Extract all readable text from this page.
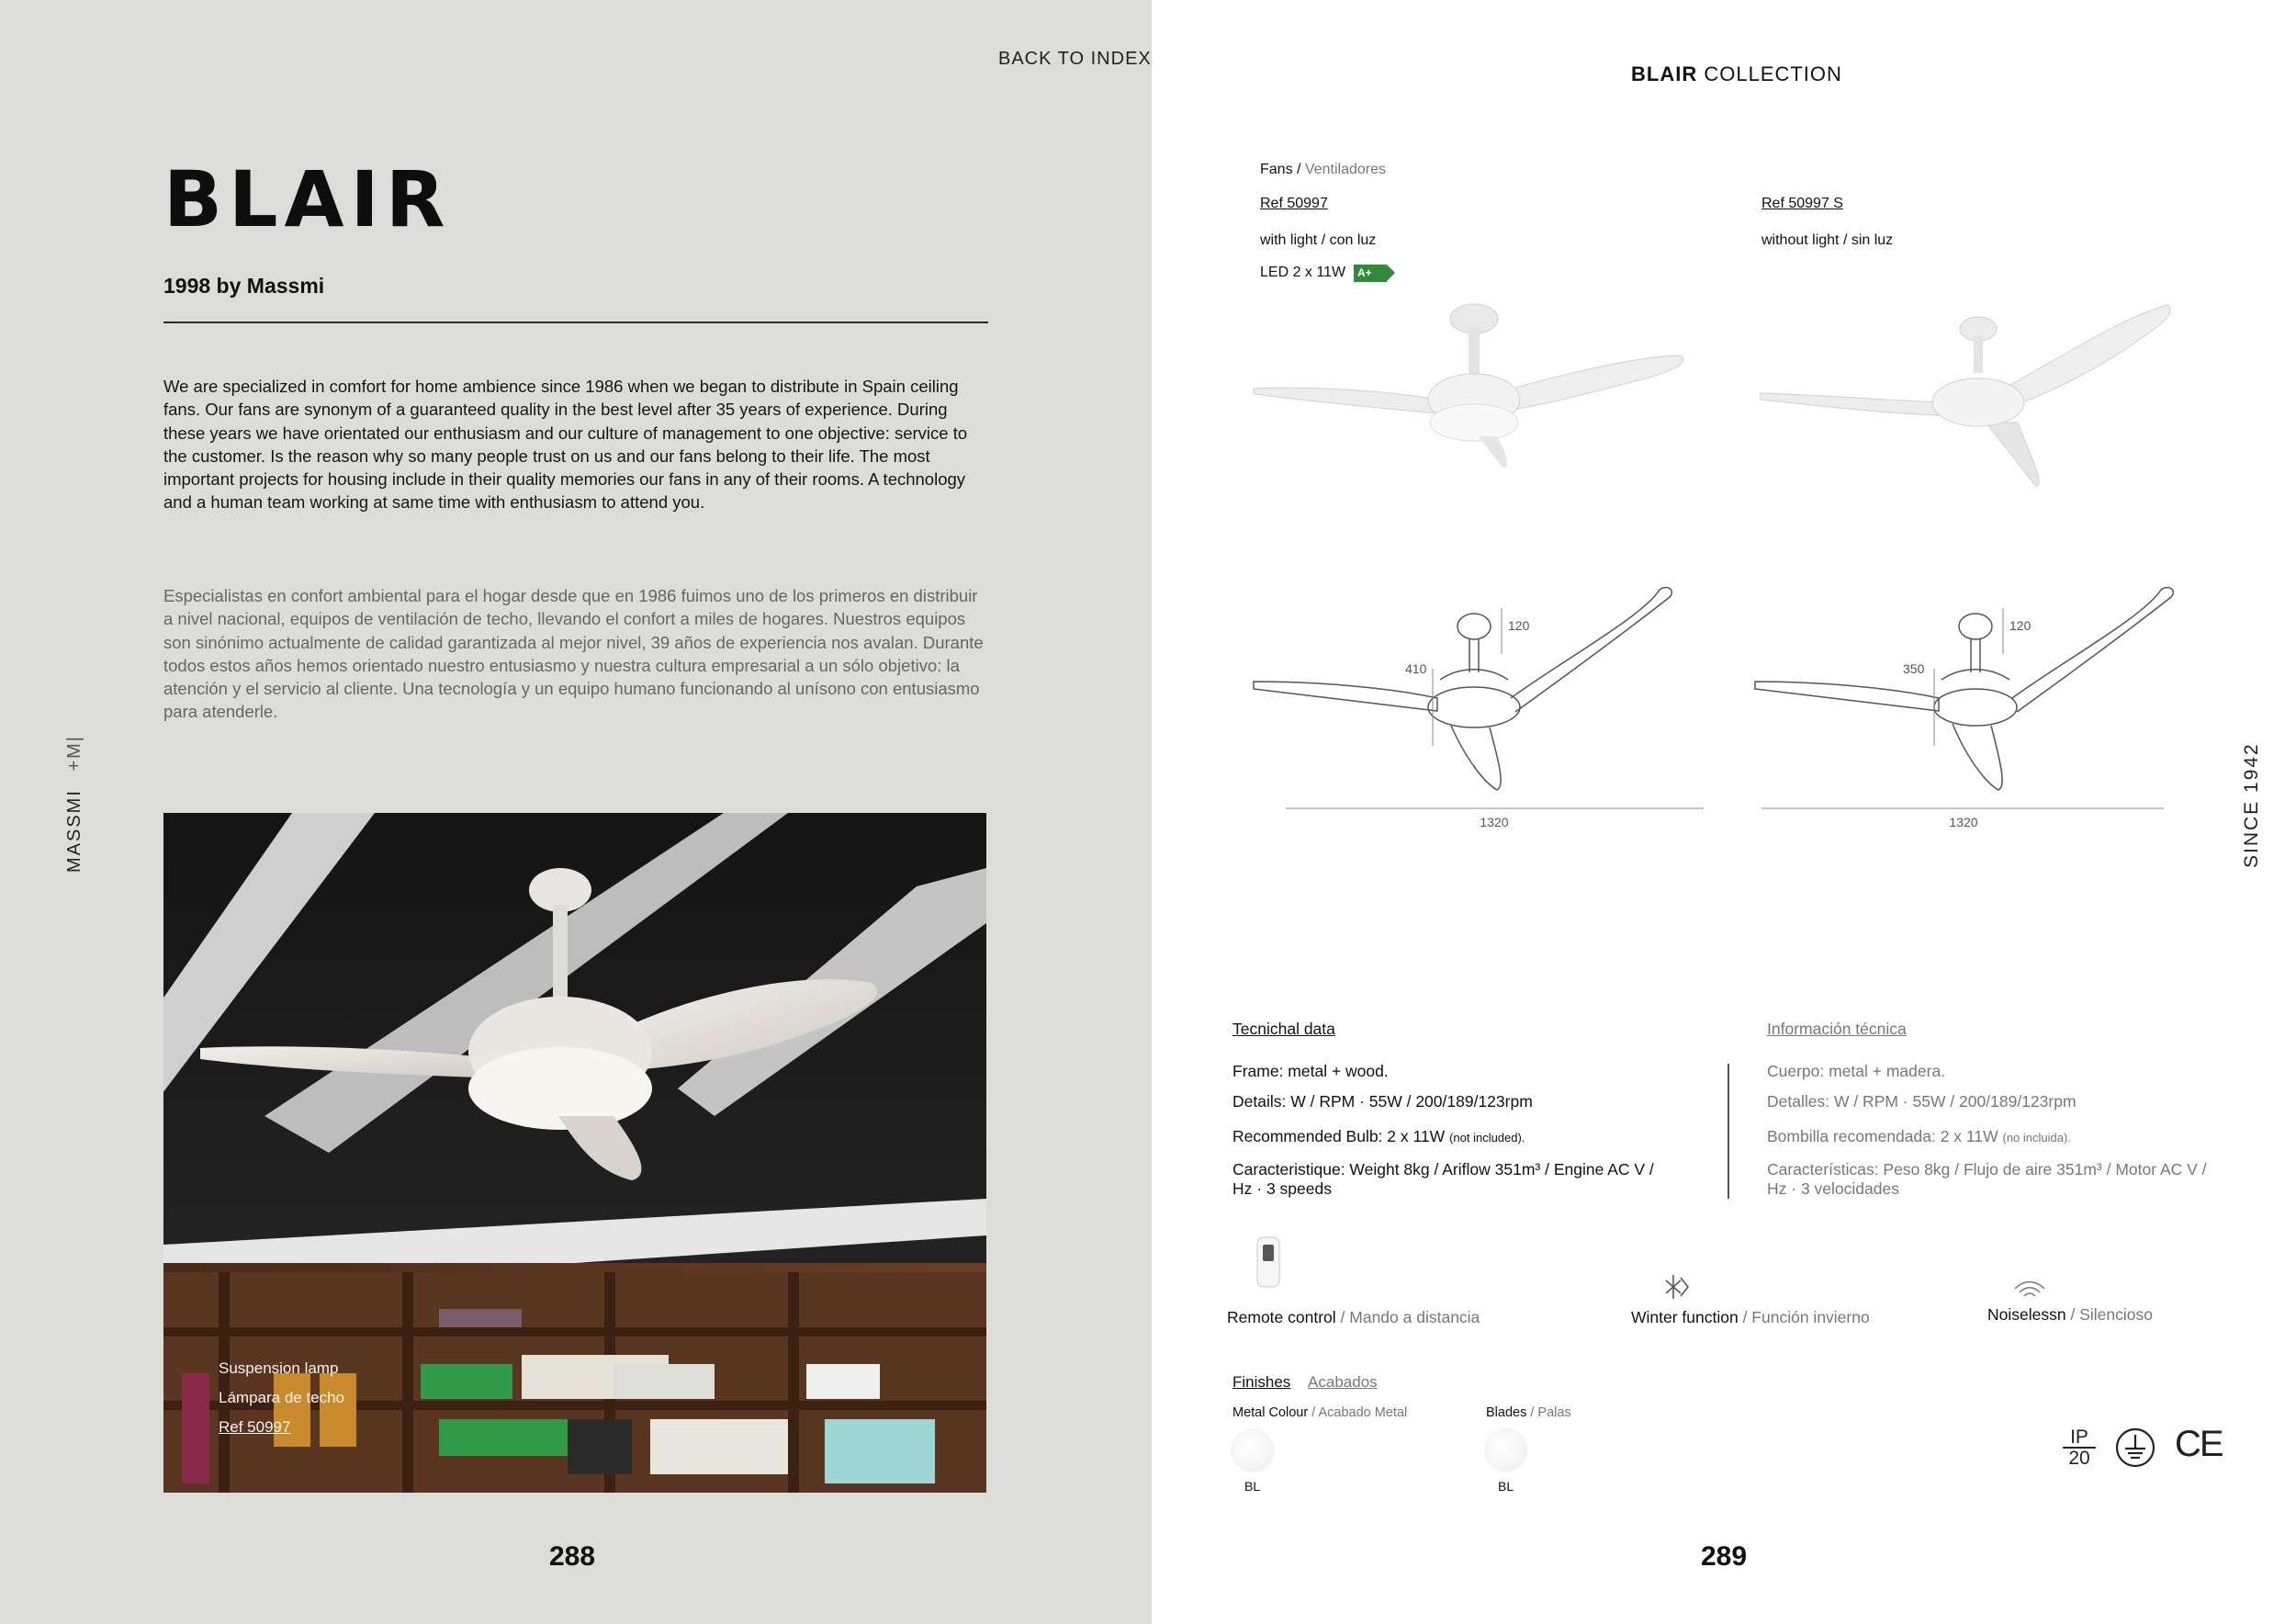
BLAIR
1998 by Massmi

We are specialized in comfort for home ambience since 1986 when we began to distribute in Spain ceiling fans. Our fans are synonym of a guaranteed quality in the best level after 35 years of experience. During these years we have orientated our enthusiasm and our culture of management to one objective: service to the customer. Is the reason why so many people trust on us and our fans belong to their life. The most important projects for housing include in their quality memories our fans in any of their rooms. A technology and a human team working at same time with enthusiasm to attend you.

Especialistas en confort ambiental para el hogar desde que en 1986 fuimos uno de los primeros en distribuir a nivel nacional, equipos de ventilación de techo, llevando el confort a miles de hogares. Nuestros equipos son sinónimo actualmente de calidad garantizada al mejor nivel, 39 años de experiencia nos avalan. Durante todos estos años hemos orientado nuestro entusiasmo y nuestra cultura empresarial a un sólo objetivo: la atención y el servicio al cliente. Una tecnología y un equipo humano funcionando al unísono con entusiasmo para atenderle.

MASSMI +M|
Suspension lamp
Lámpara de techo
Ref 50997
288
BACK TO INDEX
BLAIR COLLECTION
Fans / Ventiladores
Ref 50997
with light / con luz
LED 2 x 11W	A+
Ref 50997 S
without light / sin luz
410
120
1320
350
120
1320
Tecnichal data
Frame: metal + wood.
Details: W / RPM · 55W / 200/189/123rpm
Recommended Bulb: 2 x 11W (not included).
Caracteristique: Weight 8kg / Ariflow 351m³ / Engine AC V / Hz · 3 speeds
Información técnica
Cuerpo: metal + madera.
Detalles: W / RPM · 55W / 200/189/123rpm
Bombilla recomendada: 2 x 11W (no incluida).
Características: Peso 8kg / Flujo de aire 351m³ / Motor AC V / Hz · 3 velocidades
Remote control / Mando a distancia	Winter function / Función invierno	Noiselessn / Silencioso
Finishes Acabados
Metal Colour / Acabado Metal	Blades / Palas
BL	BL
IP
20 CE
SINCE 1942
289
